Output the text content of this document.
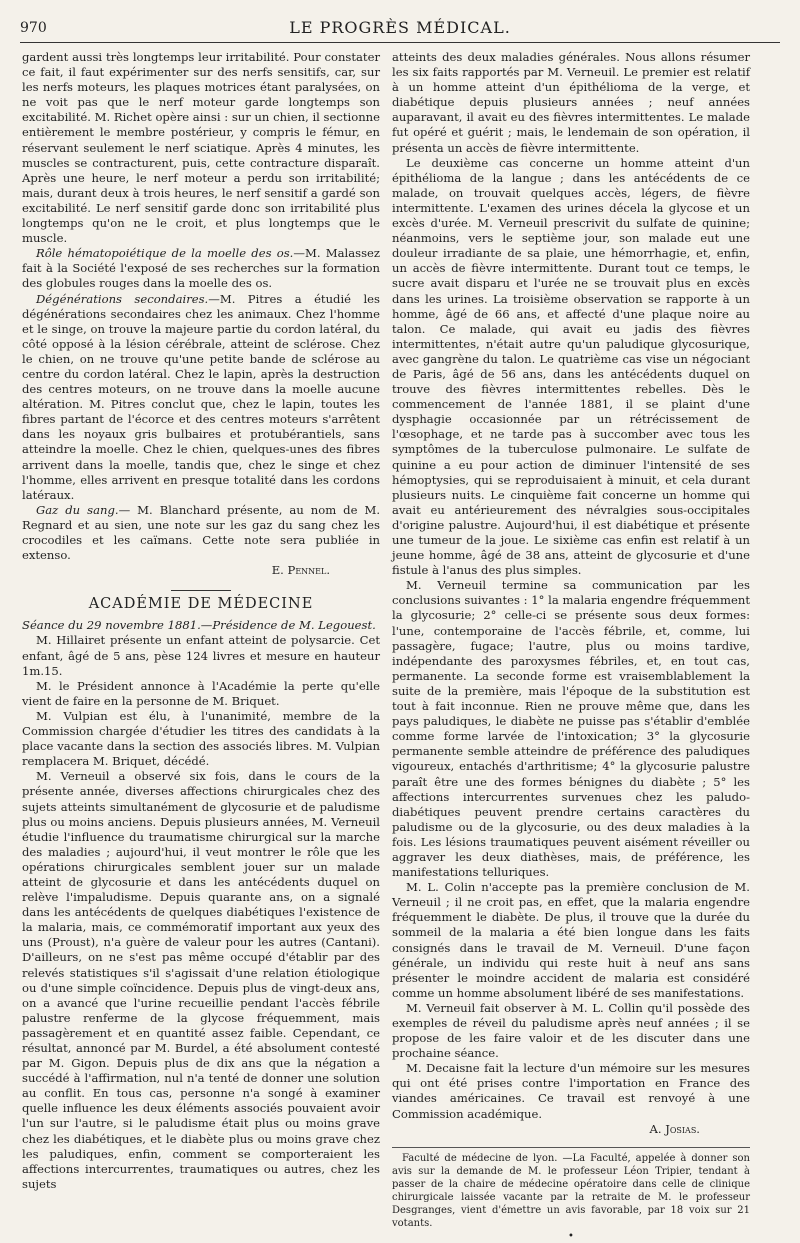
970	LE PROGRÈS MÉDICAL.

gardent aussi très longtemps leur irritabilité. Pour constater ce fait, il faut expérimenter sur des nerfs sensitifs, car, sur les nerfs moteurs, les plaques motrices étant paralysées, on ne voit pas que le nerf moteur garde longtemps son excitabilité. M. Richet opère ainsi : sur un chien, il sectionne entièrement le membre postérieur, y compris le fémur, en réservant seulement le nerf sciatique. Après 4 minutes, les muscles se contracturent, puis, cette contracture disparaît. Après une heure, le nerf moteur a perdu son irritabilité; mais, durant deux à trois heures, le nerf sensitif a gardé son excitabilité. Le nerf sensitif garde donc son irritabilité plus longtemps qu'on ne le croit, et plus longtemps que le muscle.

Rôle hématopoiétique de la moelle des os.—M. Malassez fait à la Société l'exposé de ses recherches sur la formation des globules rouges dans la moelle des os.

Dégénérations secondaires.—M. Pitres a étudié les dégénérations secondaires chez les animaux. Chez l'homme et le singe, on trouve la majeure partie du cordon latéral, du côté opposé à la lésion cérébrale, atteint de sclérose. Chez le chien, on ne trouve qu'une petite bande de sclérose au centre du cordon latéral. Chez le lapin, après la destruction des centres moteurs, on ne trouve dans la moelle aucune altération. M. Pitres conclut que, chez le lapin, toutes les fibres partant de l'écorce et des centres moteurs s'arrêtent dans les noyaux gris bulbaires et protubérantiels, sans atteindre la moelle. Chez le chien, quelques-unes des fibres arrivent dans la moelle, tandis que, chez le singe et chez l'homme, elles arrivent en presque totalité dans les cordons latéraux.

Gaz du sang.— M. Blanchard présente, au nom de M. Regnard et au sien, une note sur les gaz du sang chez les crocodiles et les caïmans. Cette note sera publiée in extenso.

E. Pennel.
ACADÉMIE DE MÉDECINE

Séance du 29 novembre 1881.—Présidence de M. Legouest.

M. Hillairet présente un enfant atteint de polysarcie. Cet enfant, âgé de 5 ans, pèse 124 livres et mesure en hauteur 1m.15.

M. le Président annonce à l'Académie la perte qu'elle vient de faire en la personne de M. Briquet.

M. Vulpian est élu, à l'unanimité, membre de la Commission chargée d'étudier les titres des candidats à la place vacante dans la section des associés libres. M. Vulpian remplacera M. Briquet, décédé.

M. Verneuil a observé six fois, dans le cours de la présente année, diverses affections chirurgicales chez des sujets atteints simultanément de glycosurie et de paludisme plus ou moins anciens. Depuis plusieurs années, M. Verneuil étudie l'influence du traumatisme chirurgical sur la marche des maladies ; aujourd'hui, il veut montrer le rôle que les opérations chirurgicales semblent jouer sur un malade atteint de glycosurie et dans les antécédents duquel on relève l'impaludisme. Depuis quarante ans, on a signalé dans les antécédents de quelques diabétiques l'existence de la malaria, mais, ce commémoratif important aux yeux des uns (Proust), n'a guère de valeur pour les autres (Cantani). D'ailleurs, on ne s'est pas même occupé d'établir par des relevés statistiques s'il s'agissait d'une relation étiologique ou d'une simple coïncidence. Depuis plus de vingt-deux ans, on a avancé que l'urine recueillie pendant l'accès fébrile palustre renferme de la glycose fréquemment, mais passagèrement et en quantité assez faible. Cependant, ce résultat, annoncé par M. Burdel, a été absolument contesté par M. Gigon. Depuis plus de dix ans que la négation a succédé à l'affirmation, nul n'a tenté de donner une solution au conflit. En tous cas, personne n'a songé à examiner quelle influence les deux éléments associés pouvaient avoir l'un sur l'autre, si le paludisme était plus ou moins grave chez les diabétiques, et le diabète plus ou moins grave chez les paludiques, enfin, comment se comporteraient les affections intercurrentes, traumatiques ou autres, chez les sujets

atteints des deux maladies générales. Nous allons résumer les six faits rapportés par M. Verneuil. Le premier est relatif à un homme atteint d'un épithélioma de la verge, et diabétique depuis plusieurs années ; neuf années auparavant, il avait eu des fièvres intermittentes. Le malade fut opéré et guérit ; mais, le lendemain de son opération, il présenta un accès de fièvre intermittente.

Le deuxième cas concerne un homme atteint d'un épithélioma de la langue ; dans les antécédents de ce malade, on trouvait quelques accès, légers, de fièvre intermittente. L'examen des urines décela la glycose et un excès d'urée. M. Verneuil prescrivit du sulfate de quinine; néanmoins, vers le septième jour, son malade eut une douleur irradiante de sa plaie, une hémorrhagie, et, enfin, un accès de fièvre intermittente. Durant tout ce temps, le sucre avait disparu et l'urée ne se trouvait plus en excès dans les urines. La troisième observation se rapporte à un homme, âgé de 66 ans, et affecté d'une plaque noire au talon. Ce malade, qui avait eu jadis des fièvres intermittentes, n'était autre qu'un paludique glycosurique, avec gangrène du talon. Le quatrième cas vise un négociant de Paris, âgé de 56 ans, dans les antécédents duquel on trouve des fièvres intermittentes rebelles. Dès le commencement de l'année 1881, il se plaint d'une dysphagie occasionnée par un rétrécissement de l'œsophage, et ne tarde pas à succomber avec tous les symptômes de la tuberculose pulmonaire. Le sulfate de quinine a eu pour action de diminuer l'intensité de ses hémoptysies, qui se reproduisaient à minuit, et cela durant plusieurs nuits. Le cinquième fait concerne un homme qui avait eu antérieurement des névralgies sous-occipitales d'origine palustre. Aujourd'hui, il est diabétique et présente une tumeur de la joue. Le sixième cas enfin est relatif à un jeune homme, âgé de 38 ans, atteint de glycosurie et d'une fistule à l'anus des plus simples.

M. Verneuil termine sa communication par les conclusions suivantes : 1° la malaria engendre fréquemment la glycosurie; 2° celle-ci se présente sous deux formes: l'une, contemporaine de l'accès fébrile, et, comme, lui passagère, fugace; l'autre, plus ou moins tardive, indépendante des paroxysmes fébriles, et, en tout cas, permanente. La seconde forme est vraisemblablement la suite de la première, mais l'époque de la substitution est tout à fait inconnue. Rien ne prouve même que, dans les pays paludiques, le diabète ne puisse pas s'établir d'emblée comme forme larvée de l'intoxication; 3° la glycosurie permanente semble atteindre de préférence des paludiques vigoureux, entachés d'arthritisme; 4° la glycosurie palustre paraît être une des formes bénignes du diabète ; 5° les affections intercurrentes survenues chez les paludo-diabétiques peuvent prendre certains caractères du paludisme ou de la glycosurie, ou des deux maladies à la fois. Les lésions traumatiques peuvent aisément réveiller ou aggraver les deux diathèses, mais, de préférence, les manifestations telluriques.

M. L. Colin n'accepte pas la première conclusion de M. Verneuil ; il ne croit pas, en effet, que la malaria engendre fréquemment le diabète. De plus, il trouve que la durée du sommeil de la malaria a été bien longue dans les faits consignés dans le travail de M. Verneuil. D'une façon générale, un individu qui reste huit à neuf ans sans présenter le moindre accident de malaria est considéré comme un homme absolument libéré de ses manifestations.

M. Verneuil fait observer à M. L. Collin qu'il possède des exemples de réveil du paludisme après neuf années ; il se propose de les faire valoir et de les discuter dans une prochaine séance.

M. Decaisne fait la lecture d'un mémoire sur les mesures qui ont été prises contre l'importation en France des viandes américaines. Ce travail est renvoyé à une Commission académique.

A. Josias.

Faculté de médecine de lyon. —La Faculté, appelée à donner son avis sur la demande de M. le professeur Léon Tripier, tendant à passer de la chaire de médecine opératoire dans celle de clinique chirurgicale laissée vacante par la retraite de M. le professeur Desgranges, vient d'émettre un avis favorable, par 18 voix sur 21 votants.

•
